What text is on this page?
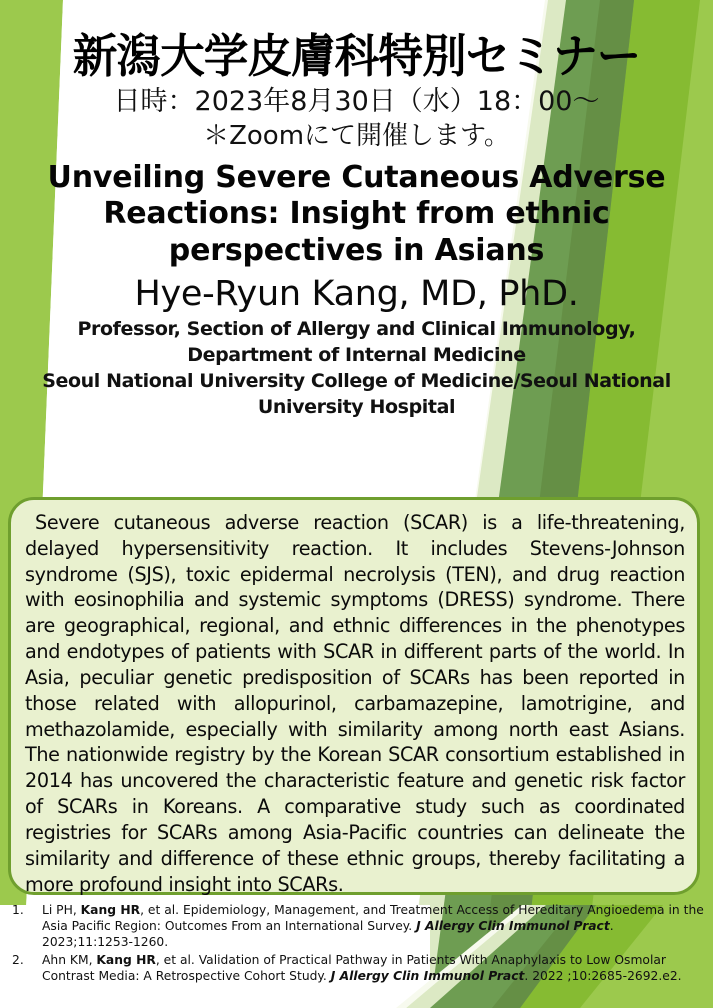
新潟大学皮膚科特別セミナー
日時：2023年8月30日（水）18：00〜
＊Zoomにて開催します。
Unveiling Severe Cutaneous Adverse Reactions: Insight from ethnic perspectives in Asians
Hye-Ryun Kang, MD, PhD.
Professor, Section of Allergy and Clinical Immunology,
Department of Internal Medicine
Seoul National University College of Medicine/Seoul National
University Hospital

Severe cutaneous adverse reaction (SCAR) is a life-threatening, delayed hypersensitivity reaction. It includes Stevens-Johnson syndrome (SJS), toxic epidermal necrolysis (TEN), and drug reaction with eosinophilia and systemic symptoms (DRESS) syndrome. There are geographical, regional, and ethnic differences in the phenotypes and endotypes of patients with SCAR in different parts of the world. In Asia, peculiar genetic predisposition of SCARs has been reported in those related with allopurinol, carbamazepine, lamotrigine, and methazolamide, especially with similarity among north east Asians. The nationwide registry by the Korean SCAR consortium established in 2014 has uncovered the characteristic feature and genetic risk factor of SCARs in Koreans. A comparative study such as coordinated registries for SCARs among Asia-Pacific countries can delineate the similarity and difference of these ethnic groups, thereby facilitating a more profound insight into SCARs.

1.	Li PH, Kang HR, et al. Epidemiology, Management, and Treatment Access of Hereditary Angioedema in the Asia Pacific Region: Outcomes From an International Survey. J Allergy Clin Immunol Pract. 2023;11:1253-1260.
2.	Ahn KM, Kang HR, et al. Validation of Practical Pathway in Patients With Anaphylaxis to Low Osmolar Contrast Media: A Retrospective Cohort Study. J Allergy Clin Immunol Pract. 2022 ;10:2685-2692.e2.
